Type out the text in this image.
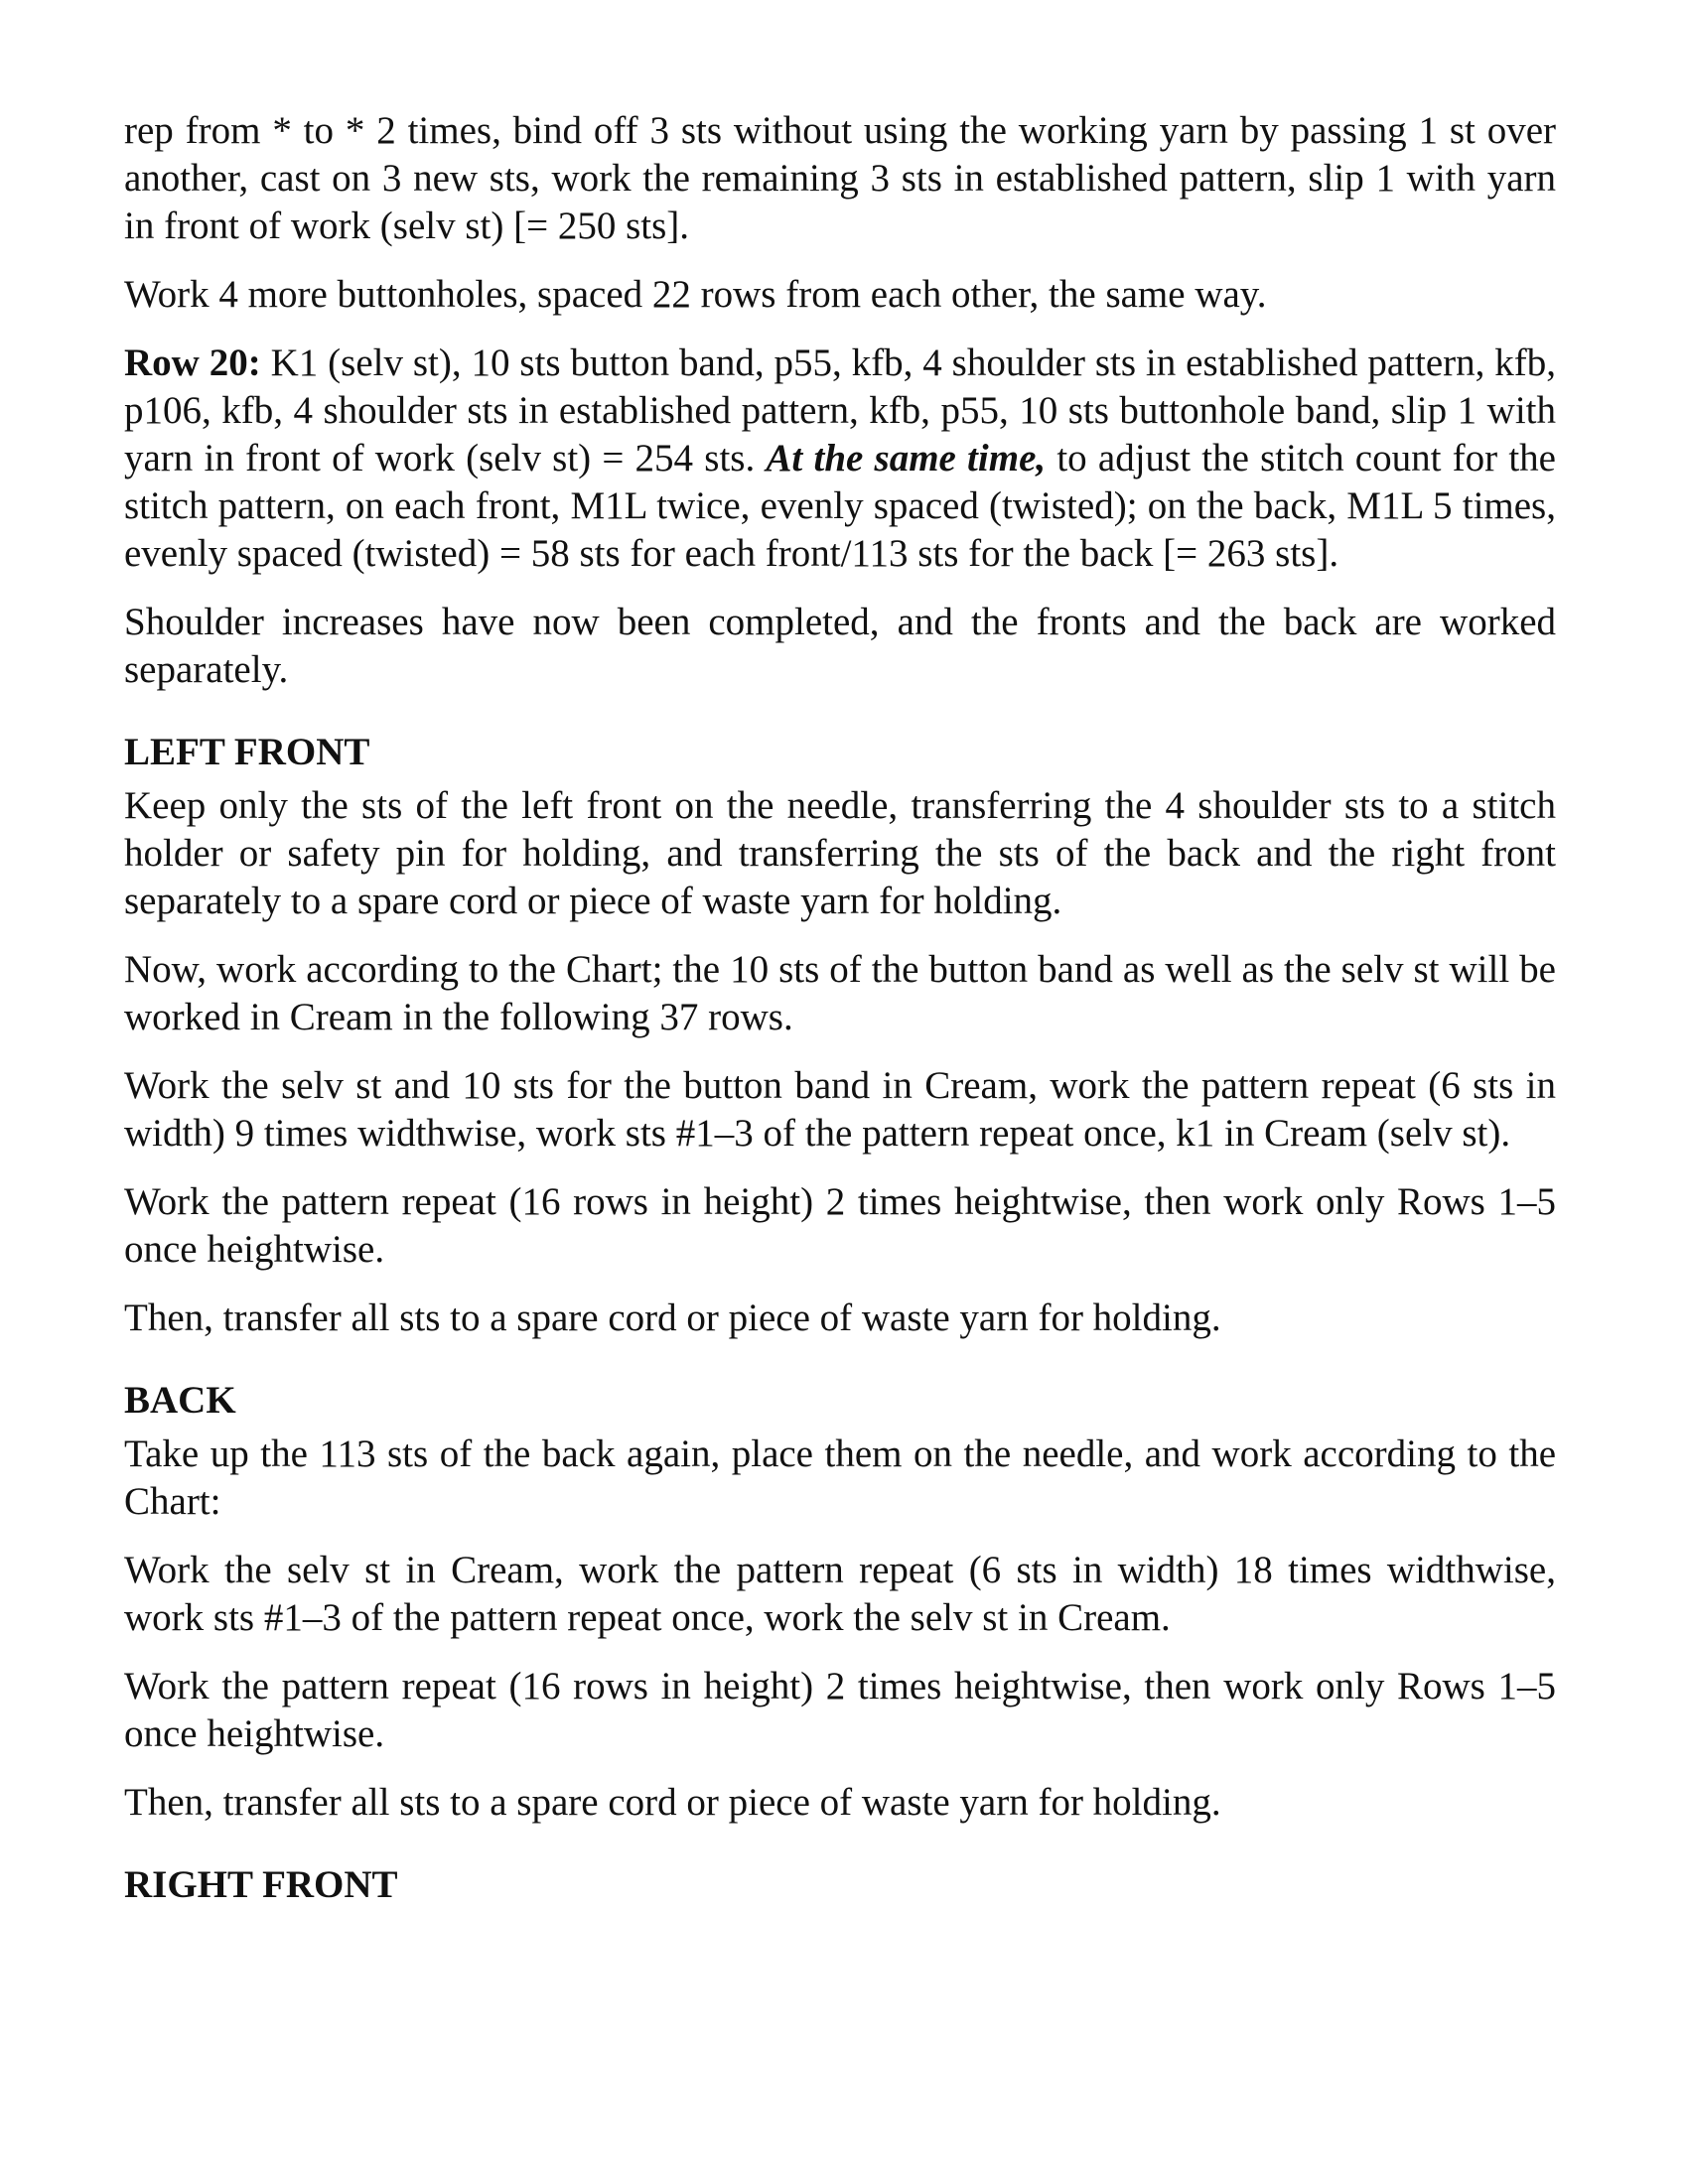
rep from * to * 2 times, bind off 3 sts without using the working yarn by passing 1 st over another, cast on 3 new sts, work the remaining 3 sts in established pattern, slip 1 with yarn in front of work (selv st) [= 250 sts].

Work 4 more buttonholes, spaced 22 rows from each other, the same way.

Row 20: K1 (selv st), 10 sts button band, p55, kfb, 4 shoulder sts in established pattern, kfb, p106, kfb, 4 shoulder sts in established pattern, kfb, p55, 10 sts buttonhole band, slip 1 with yarn in front of work (selv st) = 254 sts. At the same time, to adjust the stitch count for the stitch pattern, on each front, M1L twice, evenly spaced (twisted); on the back, M1L 5 times, evenly spaced (twisted) = 58 sts for each front/113 sts for the back [= 263 sts].

Shoulder increases have now been completed, and the fronts and the back are worked separately.

LEFT FRONT

Keep only the sts of the left front on the needle, transferring the 4 shoulder sts to a stitch holder or safety pin for holding, and transferring the sts of the back and the right front separately to a spare cord or piece of waste yarn for holding.

Now, work according to the Chart; the 10 sts of the button band as well as the selv st will be worked in Cream in the following 37 rows.

Work the selv st and 10 sts for the button band in Cream, work the pattern repeat (6 sts in width) 9 times widthwise, work sts #1–3 of the pattern repeat once, k1 in Cream (selv st).

Work the pattern repeat (16 rows in height) 2 times heightwise, then work only Rows 1–5 once heightwise.

Then, transfer all sts to a spare cord or piece of waste yarn for holding.

BACK

Take up the 113 sts of the back again, place them on the needle, and work according to the Chart:

Work the selv st in Cream, work the pattern repeat (6 sts in width) 18 times widthwise, work sts #1–3 of the pattern repeat once, work the selv st in Cream.

Work the pattern repeat (16 rows in height) 2 times heightwise, then work only Rows 1–5 once heightwise.

Then, transfer all sts to a spare cord or piece of waste yarn for holding.

RIGHT FRONT
